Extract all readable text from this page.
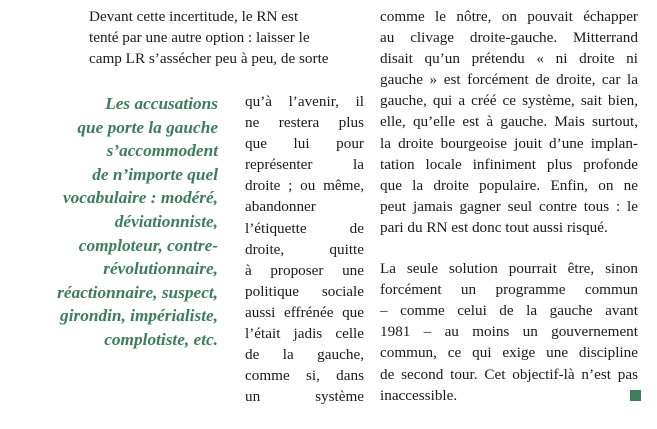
Les accusations
que porte la gauche
s’accommodent
de n’importe quel
vocabulaire : modéré,
déviationniste,
comploteur, contre-
révolutionnaire,
réactionnaire, suspect,
girondin, impérialiste,
complotiste, etc.
Devant cette incertitude, le RN est
tenté par une autre option : laisser le
camp LR s’assécher peu à peu, de sorte
qu’à l’avenir, il
ne restera plus
que lui pour
représenter la
droite ; ou même,
abandonner
l’étiquette de
droite, quitte
à proposer une
politique sociale
aussi effrénée que
l’était jadis celle
de la gauche,
comme si, dans
un système
comme le nôtre, on pouvait échapper
au clivage droite-gauche. Mitterrand
disait qu’un prétendu « ni droite ni
gauche » est forcément de droite, car la
gauche, qui a créé ce système, sait bien,
elle, qu’elle est à gauche. Mais surtout,
la droite bourgeoise jouit d’une implan-
tation locale infiniment plus profonde
que la droite populaire. Enfin, on ne
peut jamais gagner seul contre tous : le
pari du RN est donc tout aussi risqué.
La seule solution pourrait être, sinon
forcément un programme commun
– comme celui de la gauche avant
1981 – au moins un gouvernement
commun, ce qui exige une discipline
de second tour. Cet objectif-là n’est pas
inaccessible.
